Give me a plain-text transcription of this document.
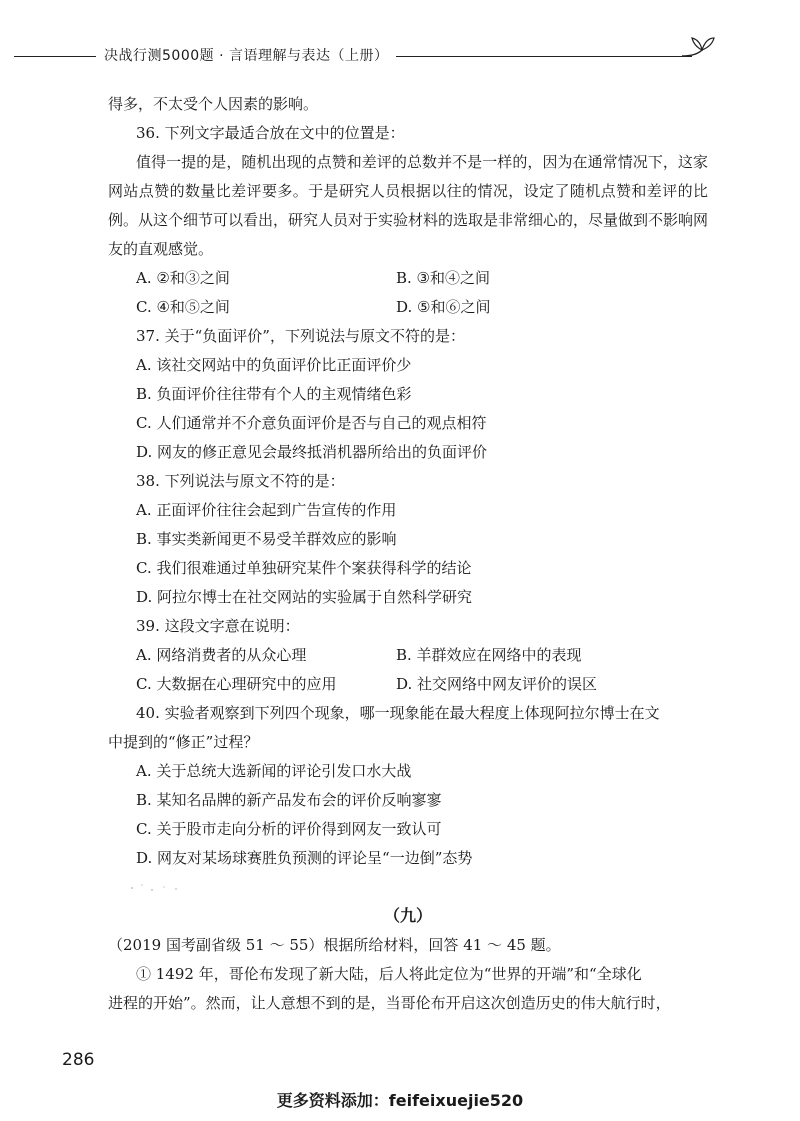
决战行测5000题 · 言语理解与表达（上册）

得多，不太受个人因素的影响。

36. 下列文字最适合放在文中的位置是：

值得一提的是，随机出现的点赞和差评的总数并不是一样的，因为在通常情况下，这家网站点赞的数量比差评要多。于是研究人员根据以往的情况，设定了随机点赞和差评的比例。从这个细节可以看出，研究人员对于实验材料的选取是非常细心的，尽量做到不影响网友的直观感觉。

A. ②和③之间	B. ③和④之间
C. ④和⑤之间	D. ⑤和⑥之间

37. 关于“负面评价”，下列说法与原文不符的是：

A. 该社交网站中的负面评价比正面评价少

B. 负面评价往往带有个人的主观情绪色彩

C. 人们通常并不介意负面评价是否与自己的观点相符

D. 网友的修正意见会最终抵消机器所给出的负面评价

38. 下列说法与原文不符的是：

A. 正面评价往往会起到广告宣传的作用

B. 事实类新闻更不易受羊群效应的影响

C. 我们很难通过单独研究某件个案获得科学的结论

D. 阿拉尔博士在社交网站的实验属于自然科学研究

39. 这段文字意在说明：

A. 网络消费者的从众心理	B. 羊群效应在网络中的表现
C. 大数据在心理研究中的应用	D. 社交网络中网友评价的误区

40. 实验者观察到下列四个现象，哪一现象能在最大程度上体现阿拉尔博士在文

中提到的“修正”过程？

A. 关于总统大选新闻的评论引发口水大战

B. 某知名品牌的新产品发布会的评价反响寥寥

C. 关于股市走向分析的评价得到网友一致认可

D. 网友对某场球赛胜负预测的评论呈“一边倒”态势

（九）

（2019 国考副省级 51 ～ 55）根据所给材料，回答 41 ～ 45 题。

① 1492 年，哥伦布发现了新大陆，后人将此定位为“世界的开端”和“全球化

进程的开始”。然而，让人意想不到的是，当哥伦布开启这次创造历史的伟大航行时，

286
更多资料添加：feifeixuejie520
